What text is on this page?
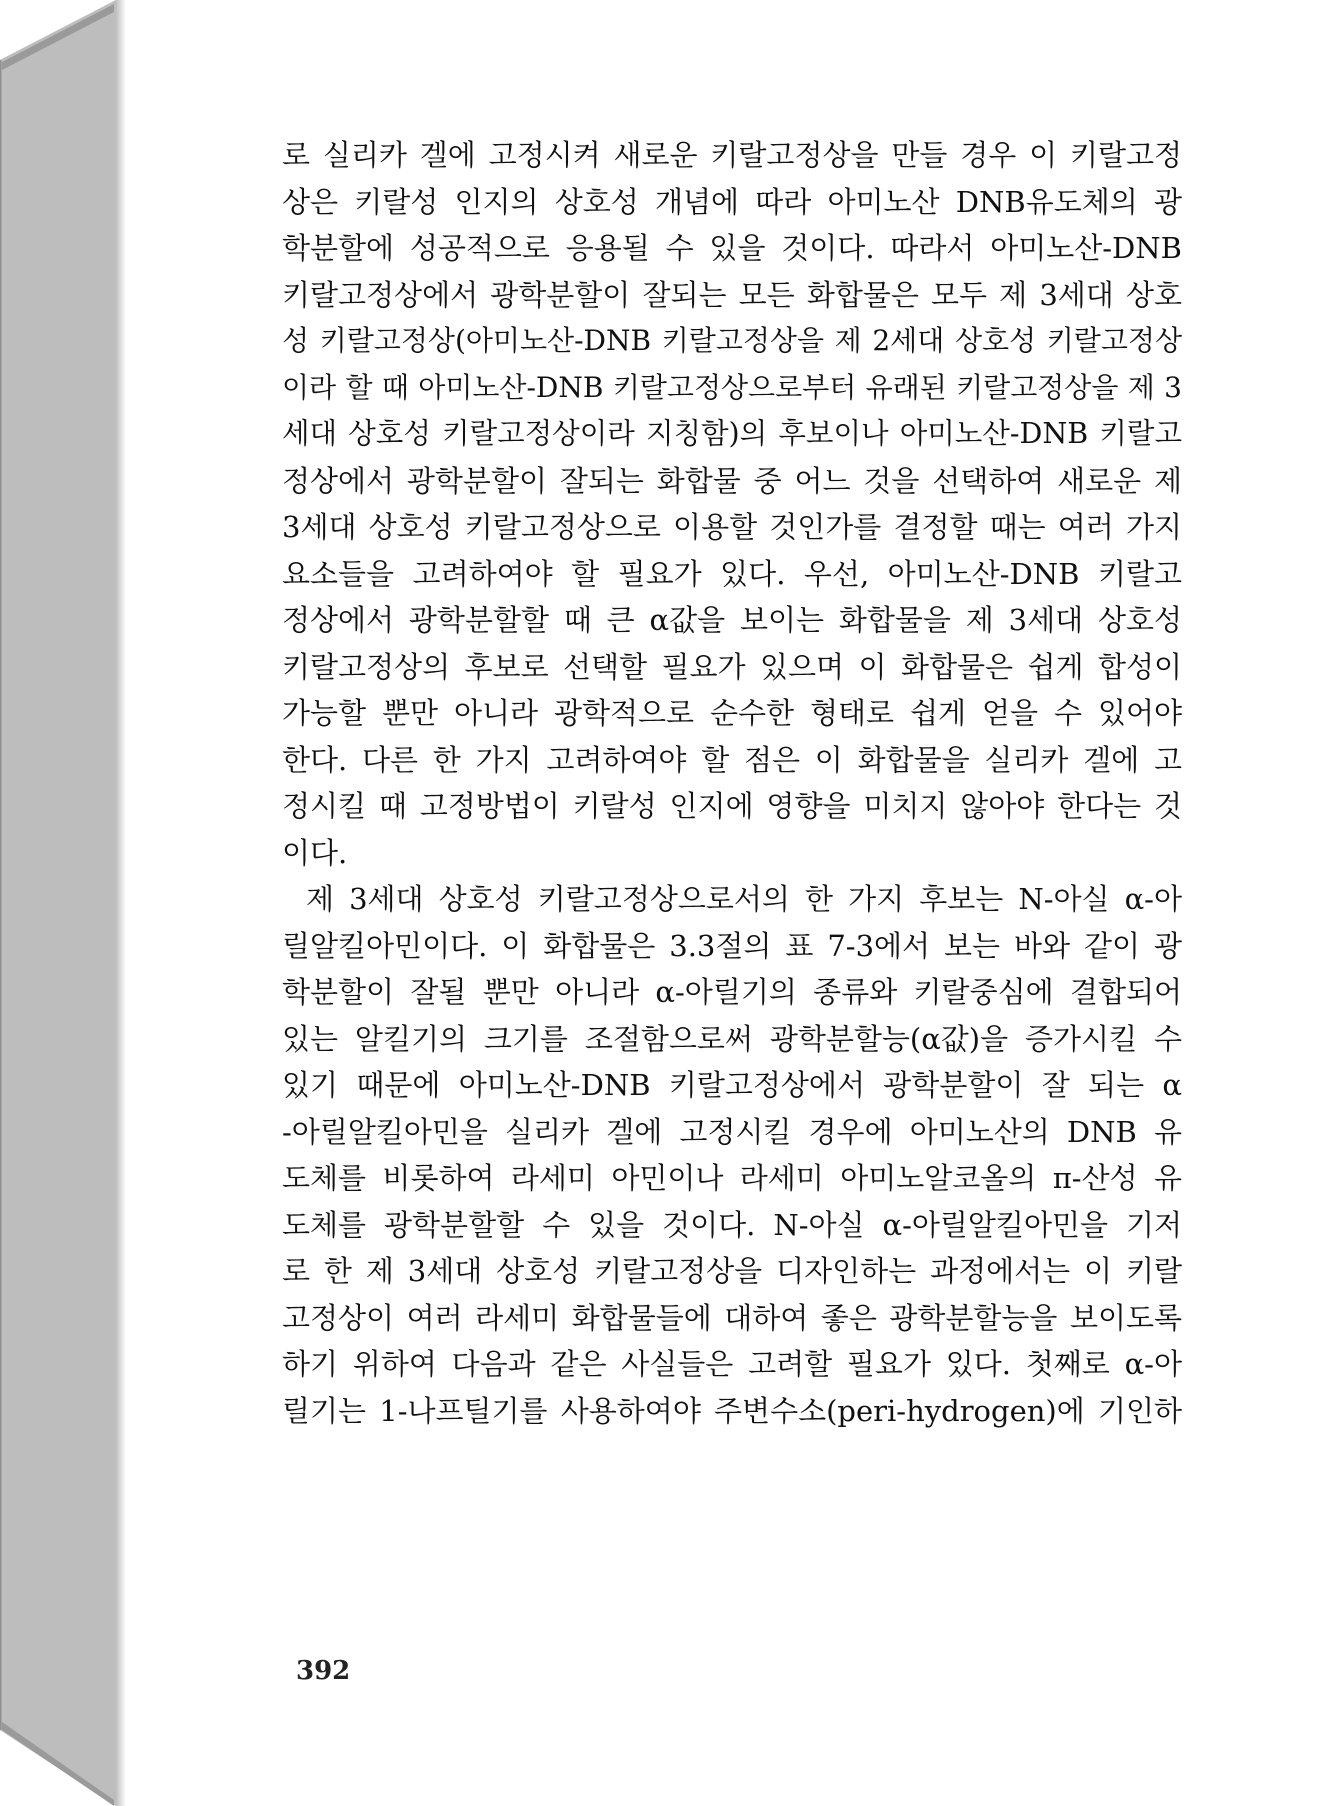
로 실리카 겔에 고정시켜 새로운 키랄고정상을 만들 경우 이 키랄고정
상은 키랄성 인지의 상호성 개념에 따라 아미노산 DNB유도체의 광
학분할에 성공적으로 응용될 수 있을 것이다. 따라서 아미노산-DNB
키랄고정상에서 광학분할이 잘되는 모든 화합물은 모두 제 3세대 상호
성 키랄고정상(아미노산-DNB 키랄고정상을 제 2세대 상호성 키랄고정상
이라 할 때 아미노산-DNB 키랄고정상으로부터 유래된 키랄고정상을 제 3
세대 상호성 키랄고정상이라 지칭함)의 후보이나 아미노산-DNB 키랄고
정상에서 광학분할이 잘되는 화합물 중 어느 것을 선택하여 새로운 제
3세대 상호성 키랄고정상으로 이용할 것인가를 결정할 때는 여러 가지
요소들을 고려하여야 할 필요가 있다. 우선, 아미노산-DNB 키랄고
정상에서 광학분할할 때 큰 α값을 보이는 화합물을 제 3세대 상호성
키랄고정상의 후보로 선택할 필요가 있으며 이 화합물은 쉽게 합성이
가능할 뿐만 아니라 광학적으로 순수한 형태로 쉽게 얻을 수 있어야
한다. 다른 한 가지 고려하여야 할 점은 이 화합물을 실리카 겔에 고
정시킬 때 고정방법이 키랄성 인지에 영향을 미치지 않아야 한다는 것
이다.
제 3세대 상호성 키랄고정상으로서의 한 가지 후보는 N-아실 α-아
릴알킬아민이다. 이 화합물은 3.3절의 표 7-3에서 보는 바와 같이 광
학분할이 잘될 뿐만 아니라 α-아릴기의 종류와 키랄중심에 결합되어
있는 알킬기의 크기를 조절함으로써 광학분할능(α값)을 증가시킬 수
있기 때문에 아미노산-DNB 키랄고정상에서 광학분할이 잘 되는 α
-아릴알킬아민을 실리카 겔에 고정시킬 경우에 아미노산의 DNB 유
도체를 비롯하여 라세미 아민이나 라세미 아미노알코올의 π-산성 유
도체를 광학분할할 수 있을 것이다. N-아실 α-아릴알킬아민을 기저
로 한 제 3세대 상호성 키랄고정상을 디자인하는 과정에서는 이 키랄
고정상이 여러 라세미 화합물들에 대하여 좋은 광학분할능을 보이도록
하기 위하여 다음과 같은 사실들은 고려할 필요가 있다. 첫째로 α-아
릴기는 1-나프틸기를 사용하여야 주변수소(peri-hydrogen)에 기인하
392
